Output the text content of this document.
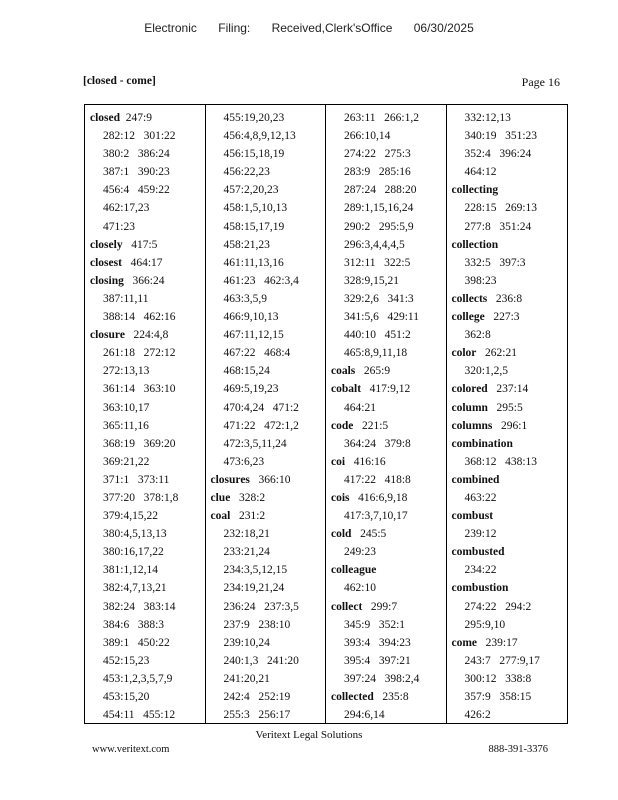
Electronic Filing: Received,Clerk'sOffice 06/30/2025
[closed - come]	Page 16
closed  247:9
282:12   301:22
380:2   386:24
387:1   390:23
456:4   459:22
462:17,23
471:23
closely   417:5
closest   464:17
closing   366:24
387:11,11
388:14   462:16
closure   224:4,8
261:18   272:12
272:13,13
361:14   363:10
363:10,17
365:11,16
368:19   369:20
369:21,22
371:1   373:11
377:20   378:1,8
379:4,15,22
380:4,5,13,13
380:16,17,22
381:1,12,14
382:4,7,13,21
382:24   383:14
384:6   388:3
389:1   450:22
452:15,23
453:1,2,3,5,7,9
453:15,20
454:11   455:12
455:19,20,23
456:4,8,9,12,13
456:15,18,19
456:22,23
457:2,20,23
458:1,5,10,13
458:15,17,19
458:21,23
461:11,13,16
461:23   462:3,4
463:3,5,9
466:9,10,13
467:11,12,15
467:22   468:4
468:15,24
469:5,19,23
470:4,24   471:2
471:22   472:1,2
472:3,5,11,24
473:6,23
closures   366:10
clue   328:2
coal   231:2
232:18,21
233:21,24
234:3,5,12,15
234:19,21,24
236:24   237:3,5
237:9   238:10
239:10,24
240:1,3   241:20
241:20,21
242:4   252:19
255:3   256:17
263:11   266:1,2
266:10,14
274:22   275:3
283:9   285:16
287:24   288:20
289:1,15,16,24
290:2   295:5,9
296:3,4,4,4,5
312:11   322:5
328:9,15,21
329:2,6   341:3
341:5,6   429:11
440:10   451:2
465:8,9,11,18
coals   265:9
cobalt   417:9,12
464:21
code   221:5
364:24   379:8
coi   416:16
417:22   418:8
cois   416:6,9,18
417:3,7,10,17
cold   245:5
249:23
colleague
462:10
collect   299:7
345:9   352:1
393:4   394:23
395:4   397:21
397:24   398:2,4
collected   235:8
294:6,14
332:12,13
340:19   351:23
352:4   396:24
464:12
collecting
228:15   269:13
277:8   351:24
collection
332:5   397:3
398:23
collects   236:8
college   227:3
362:8
color   262:21
320:1,2,5
colored   237:14
column   295:5
columns   296:1
combination
368:12   438:13
combined
463:22
combust
239:12
combusted
234:22
combustion
274:22   294:2
295:9,10
come   239:17
243:7   277:9,17
300:12   338:8
357:9   358:15
426:2
Veritext Legal Solutions
www.veritext.com	888-391-3376
